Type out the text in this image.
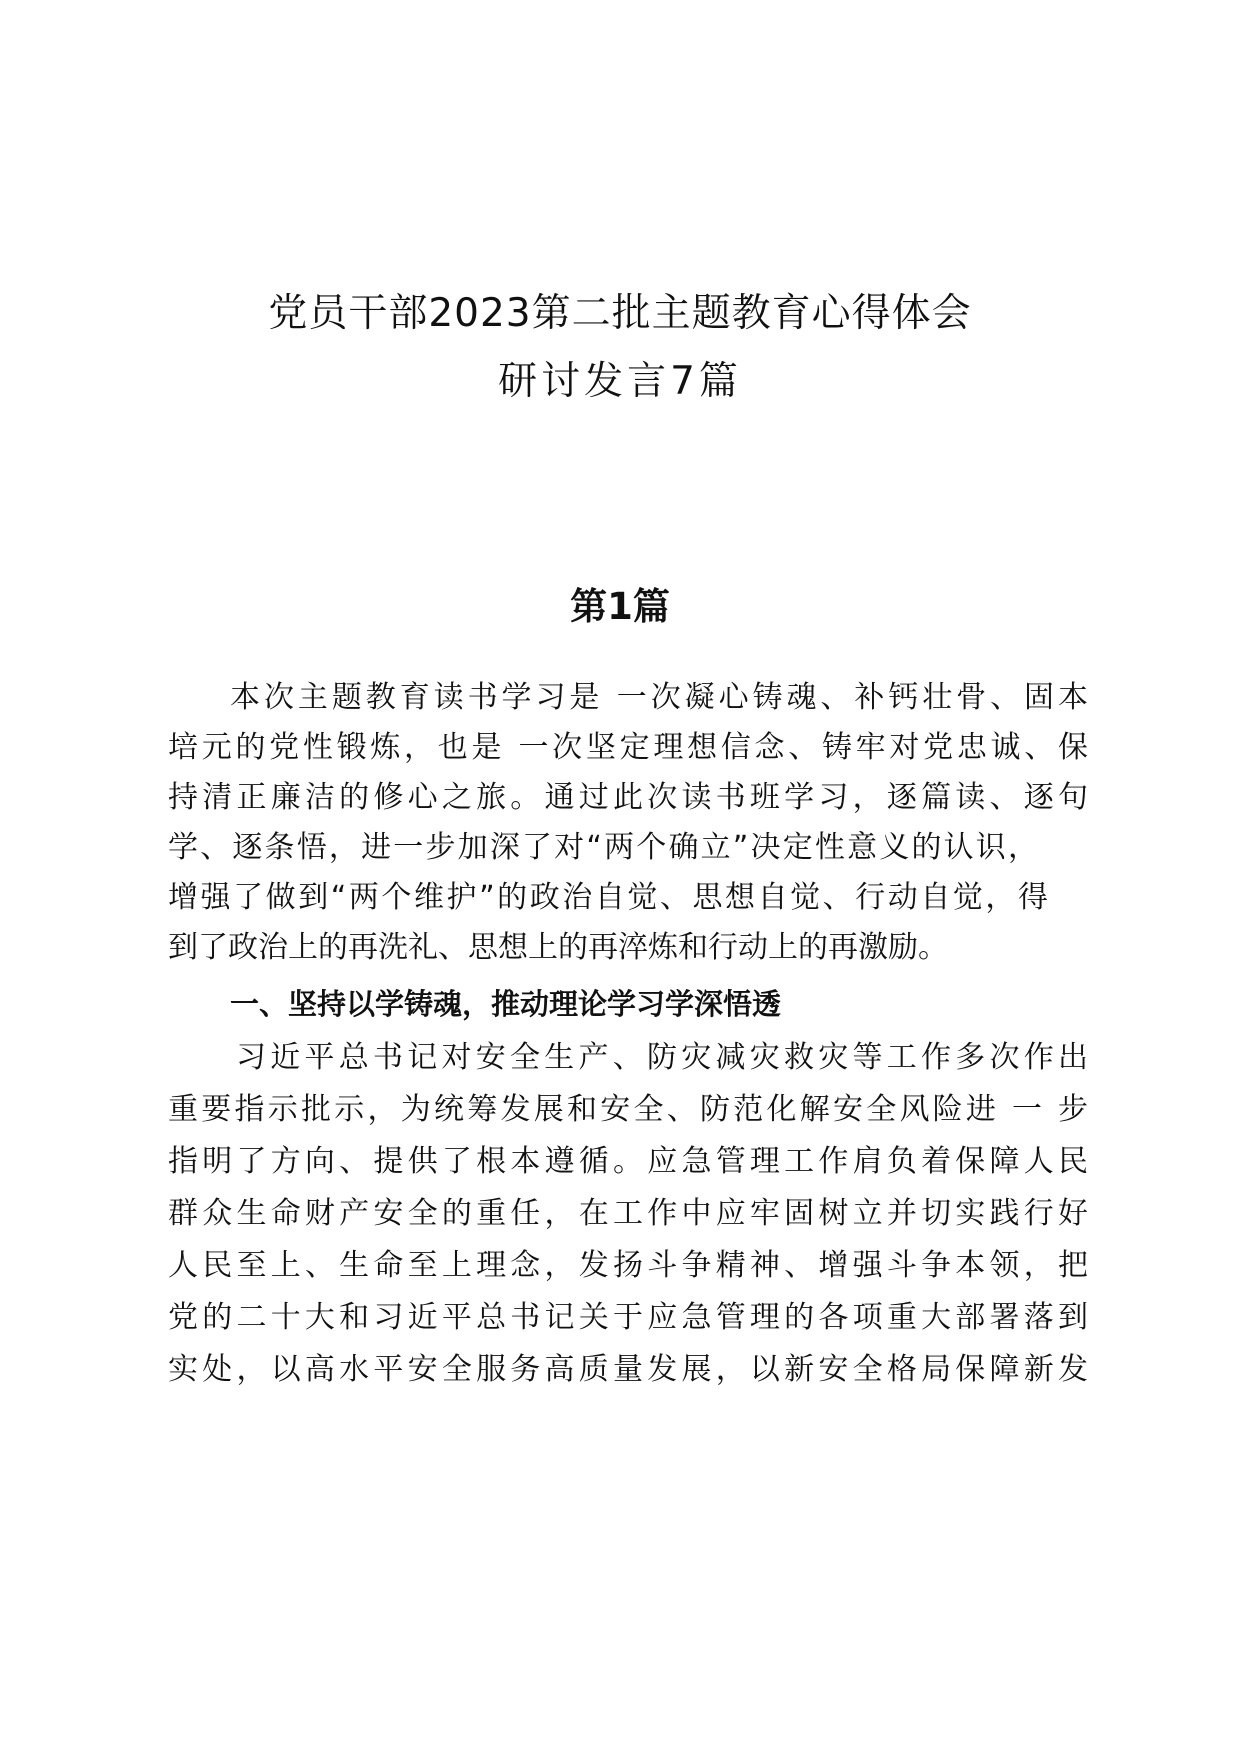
党员干部2023第二批主题教育心得体会
研讨发言7篇
第1篇
本次主题教育读书学习是 一次凝心铸魂、补钙壮骨、固本
培元的党性锻炼，也是 一次坚定理想信念、铸牢对党忠诚、保
持清正廉洁的修心之旅。通过此次读书班学习，逐篇读、逐句
学、逐条悟，进一步加深了对“两个确立”决定性意义的认识，
增强了做到“两个维护”的政治自觉、思想自觉、行动自觉，得
到了政治上的再洗礼、思想上的再淬炼和行动上的再激励。
一、坚持以学铸魂，推动理论学习学深悟透
习近平总书记对安全生产、防灾减灾救灾等工作多次作出
重要指示批示，为统筹发展和安全、防范化解安全风险进 一 步
指明了方向、提供了根本遵循。应急管理工作肩负着保障人民
群众生命财产安全的重任，在工作中应牢固树立并切实践行好
人民至上、生命至上理念，发扬斗争精神、增强斗争本领，把
党的二十大和习近平总书记关于应急管理的各项重大部署落到
实处，以高水平安全服务高质量发展，以新安全格局保障新发
